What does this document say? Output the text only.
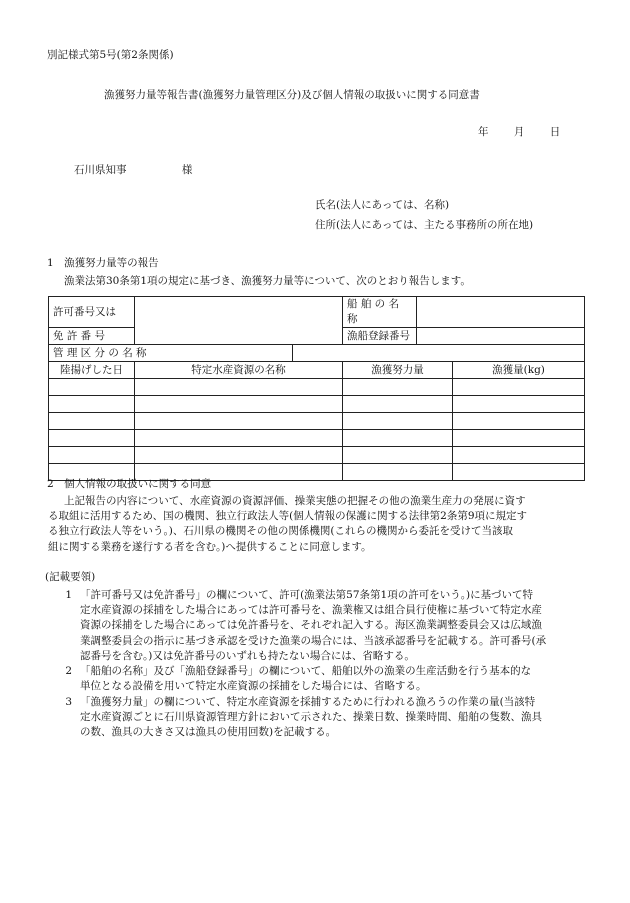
別記様式第5号(第2条関係)
漁獲努力量等報告書(漁獲努力量管理区分)及び個人情報の取扱いに関する同意書
年 月 日
石川県知事	様
氏名(法人にあっては、名称)
住所(法人にあっては、主たる事務所の所在地)
1　漁獲努力量等の報告
漁業法第30条第1項の規定に基づき、漁獲努力量等について、次のとおり報告します。
許可番号又は			船 舶 の 名 称		
免 許 番 号			漁船登録番号		
管 理 区 分 の 名 称					
陸揚げした日	特定水産資源の名称		漁獲努力量		漁獲量(kg)

2　個人情報の取扱いに関する同意

上記報告の内容について、水産資源の資源評価、操業実態の把握その他の漁業生産力の発展に資す

る取組に活用するため、国の機関、独立行政法人等(個人情報の保護に関する法律第2条第9項に規定す

る独立行政法人等をいう。)、石川県の機関その他の関係機関(これらの機関から委託を受けて当該取

組に関する業務を遂行する者を含む。)へ提供することに同意します。

(記載要領)
1 「許可番号又は免許番号」の欄について、許可(漁業法第57条第1項の許可をいう。)に基づいて特

定水産資源の採捕をした場合にあっては許可番号を、漁業権又は組合員行使権に基づいて特定水産

資源の採捕をした場合にあっては免許番号を、それぞれ記入する。海区漁業調整委員会又は広域漁

業調整委員会の指示に基づき承認を受けた漁業の場合には、当該承認番号を記載する。許可番号(承

認番号を含む。)又は免許番号のいずれも持たない場合には、省略する。

2 「船舶の名称」及び「漁船登録番号」の欄について、船舶以外の漁業の生産活動を行う基本的な

単位となる設備を用いて特定水産資源の採捕をした場合には、省略する。

3 「漁獲努力量」の欄について、特定水産資源を採捕するために行われる漁ろうの作業の量(当該特

定水産資源ごとに石川県資源管理方針において示された、操業日数、操業時間、船舶の隻数、漁具

の数、漁具の大きさ又は漁具の使用回数)を記載する。
